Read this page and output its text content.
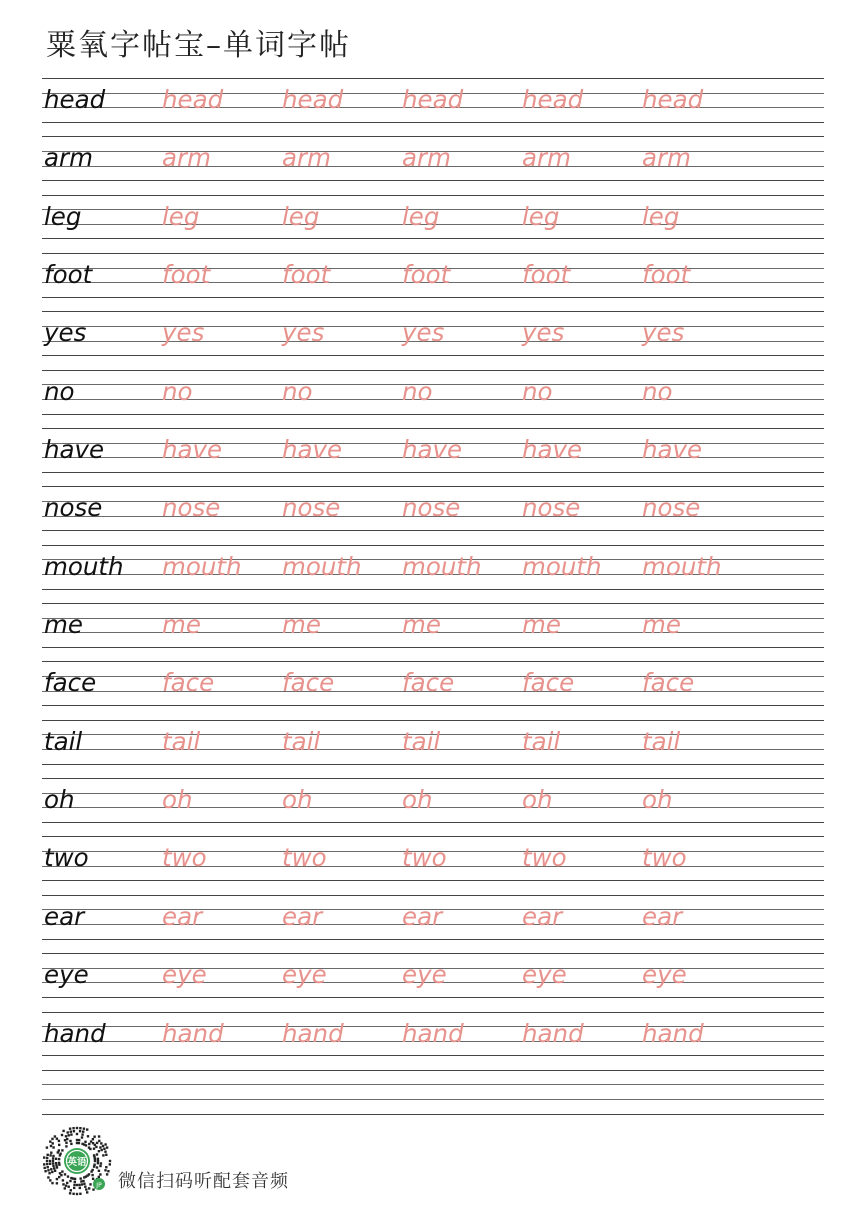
粟氧字帖宝–单词字帖
head head head head head head
arm	arm	arm	arm	arm	arm
leg	leg	leg	leg	leg	leg
foot	foot	foot	foot	foot	foot
yes	yes	yes	yes	yes	yes
no	no	no	no	no	no
have have have have have have
nose nose	nose	nose	nose	nose
mouth mouth mouth mouth mouth mouth
me	me	me	me	me	me
face	face	face	face	face	face
tail	tail	tail	tail	tail	tail
oh	oh	oh	oh	oh	oh
two	two	two	two	two	two
ear	ear	ear	ear	ear	ear
eye	eye	eye	eye	eye	eye
hand hand hand hand hand hand
英语
JP 微信扫码听配套音频
